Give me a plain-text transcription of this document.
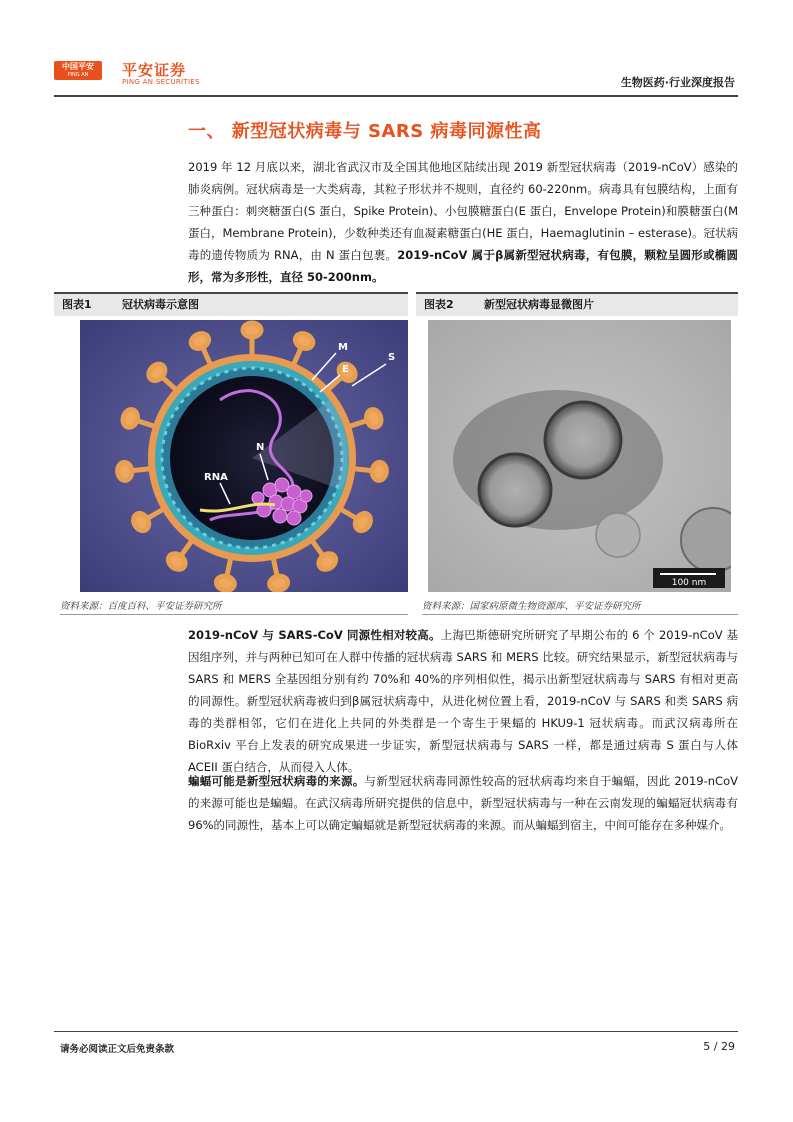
中国平安
PING AN	平安证券
PING AN SECURITIES	生物医药·行业深度报告
一、 新型冠状病毒与 SARS 病毒同源性高
2019 年 12 月底以来，湖北省武汉市及全国其他地区陆续出现 2019 新型冠状病毒（2019-nCoV）感染的肺炎病例。冠状病毒是一大类病毒，其粒子形状并不规则，直径约 60-220nm。病毒具有包膜结构，上面有三种蛋白：刺突糖蛋白(S 蛋白，Spike Protein)、小包膜糖蛋白(E 蛋白，Envelope Protein)和膜糖蛋白(M 蛋白，Membrane Protein)，少数种类还有血凝素糖蛋白(HE 蛋白，Haemaglutinin – esterase)。冠状病毒的遗传物质为 RNA，由 N 蛋白包裹。2019-nCoV 属于β属新型冠状病毒，有包膜，颗粒呈圆形或椭圆形，常为多形性，直径 50-200nm。
图表1	冠状病毒示意图
M
E
S
N
RNA
资料来源：百度百科、平安证券研究所
图表2	新型冠状病毒显微图片
100 nm
资料来源：国家病原微生物资源库、平安证券研究所
2019-nCoV 与 SARS-CoV 同源性相对较高。上海巴斯德研究所研究了早期公布的 6 个 2019-nCoV 基因组序列，并与两种已知可在人群中传播的冠状病毒 SARS 和 MERS 比较。研究结果显示，新型冠状病毒与 SARS 和 MERS 全基因组分别有约 70%和 40%的序列相似性，揭示出新型冠状病毒与 SARS 有相对更高的同源性。新型冠状病毒被归到β属冠状病毒中，从进化树位置上看，2019-nCoV 与 SARS 和类 SARS 病毒的类群相邻，它们在进化上共同的外类群是一个寄生于果蝠的 HKU9-1 冠状病毒。而武汉病毒所在 BioRxiv 平台上发表的研究成果进一步证实，新型冠状病毒与 SARS 一样，都是通过病毒 S 蛋白与人体 ACEII 蛋白结合，从而侵入人体。
蝙蝠可能是新型冠状病毒的来源。与新型冠状病毒同源性较高的冠状病毒均来自于蝙蝠，因此 2019-nCoV 的来源可能也是蝙蝠。在武汉病毒所研究提供的信息中，新型冠状病毒与一种在云南发现的蝙蝠冠状病毒有 96%的同源性，基本上可以确定蝙蝠就是新型冠状病毒的来源。而从蝙蝠到宿主，中间可能存在多种媒介。
请务必阅读正文后免责条款	5 / 29
